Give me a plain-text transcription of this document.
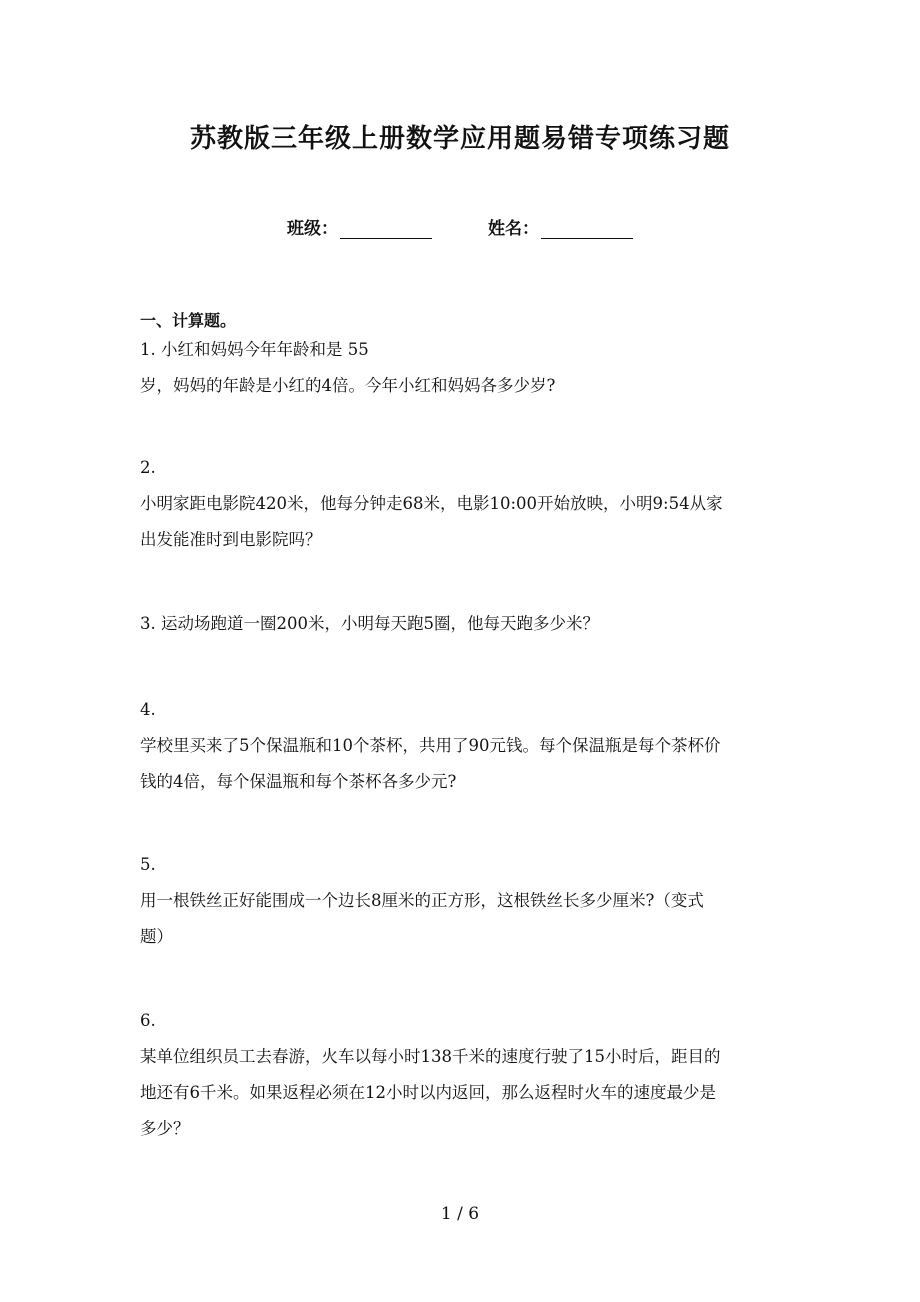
苏教版三年级上册数学应用题易错专项练习题
班级：	姓名：
一、计算题。
1. 小红和妈妈今年年龄和是 55
岁，妈妈的年龄是小红的4倍。今年小红和妈妈各多少岁?
2.
小明家距电影院420米，他每分钟走68米，电影10:00开始放映，小明9:54从家
出发能准时到电影院吗？
3. 运动场跑道一圈200米，小明每天跑5圈，他每天跑多少米？
4.
学校里买来了5个保温瓶和10个茶杯，共用了90元钱。每个保温瓶是每个茶杯价
钱的4倍，每个保温瓶和每个茶杯各多少元?
5.
用一根铁丝正好能围成一个边长8厘米的正方形，这根铁丝长多少厘米?（变式
题）
6.
某单位组织员工去春游，火车以每小时138千米的速度行驶了15小时后，距目的
地还有6千米。如果返程必须在12小时以内返回，那么返程时火车的速度最少是
多少？
1 / 6
